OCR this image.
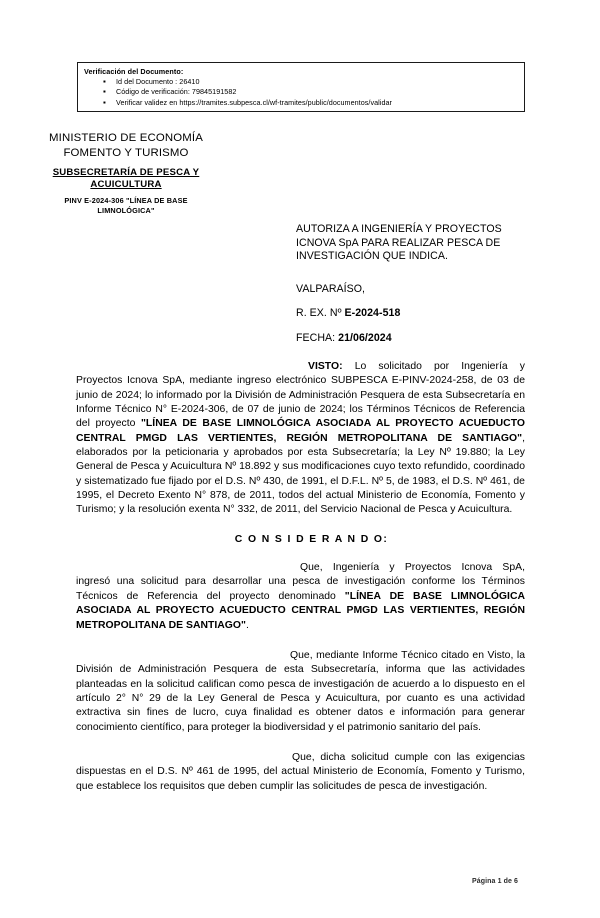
Verificación del Documento:
▪ Id del Documento : 26410
▪ Código de verificación: 79845191582
▪ Verificar validez en https://tramites.subpesca.cl/wf-tramites/public/documentos/validar
MINISTERIO DE ECONOMÍA
FOMENTO Y TURISMO
SUBSECRETARÍA DE PESCA Y
ACUICULTURA
PINV E-2024-306 "LÍNEA DE BASE
LIMNOLÓGICA"
AUTORIZA A INGENIERÍA Y PROYECTOS ICNOVA SpA PARA REALIZAR PESCA DE INVESTIGACIÓN QUE INDICA.
VALPARAÍSO,
R. EX. Nº E-2024-518
FECHA: 21/06/2024

VISTO: Lo solicitado por Ingeniería y Proyectos Icnova SpA, mediante ingreso electrónico SUBPESCA E-PINV-2024-258, de 03 de junio de 2024; lo informado por la División de Administración Pesquera de esta Subsecretaría en Informe Técnico N° E-2024-306, de 07 de junio de 2024; los Términos Técnicos de Referencia del proyecto "LÍNEA DE BASE LIMNOLÓGICA ASOCIADA AL PROYECTO ACUEDUCTO CENTRAL PMGD LAS VERTIENTES, REGIÓN METROPOLITANA DE SANTIAGO", elaborados por la peticionaria y aprobados por esta Subsecretaría; la Ley Nº 19.880; la Ley General de Pesca y Acuicultura Nº 18.892 y sus modificaciones cuyo texto refundido, coordinado y sistematizado fue fijado por el D.S. Nº 430, de 1991, el D.F.L. Nº 5, de 1983, el D.S. Nº 461, de 1995, el Decreto Exento N° 878, de 2011, todos del actual Ministerio de Economía, Fomento y Turismo; y la resolución exenta N° 332, de 2011, del Servicio Nacional de Pesca y Acuicultura.

C O N S I D E R A N D O:

Que, Ingeniería y Proyectos Icnova SpA, ingresó una solicitud para desarrollar una pesca de investigación conforme los Términos Técnicos de Referencia del proyecto denominado "LÍNEA DE BASE LIMNOLÓGICA ASOCIADA AL PROYECTO ACUEDUCTO CENTRAL PMGD LAS VERTIENTES, REGIÓN METROPOLITANA DE SANTIAGO".

Que, mediante Informe Técnico citado en Visto, la División de Administración Pesquera de esta Subsecretaría, informa que las actividades planteadas en la solicitud califican como pesca de investigación de acuerdo a lo dispuesto en el artículo 2° N° 29 de la Ley General de Pesca y Acuicultura, por cuanto es una actividad extractiva sin fines de lucro, cuya finalidad es obtener datos e información para generar conocimiento científico, para proteger la biodiversidad y el patrimonio sanitario del país.

Que, dicha solicitud cumple con las exigencias dispuestas en el D.S. Nº 461 de 1995, del actual Ministerio de Economía, Fomento y Turismo, que establece los requisitos que deben cumplir las solicitudes de pesca de investigación.

Página 1 de 6
